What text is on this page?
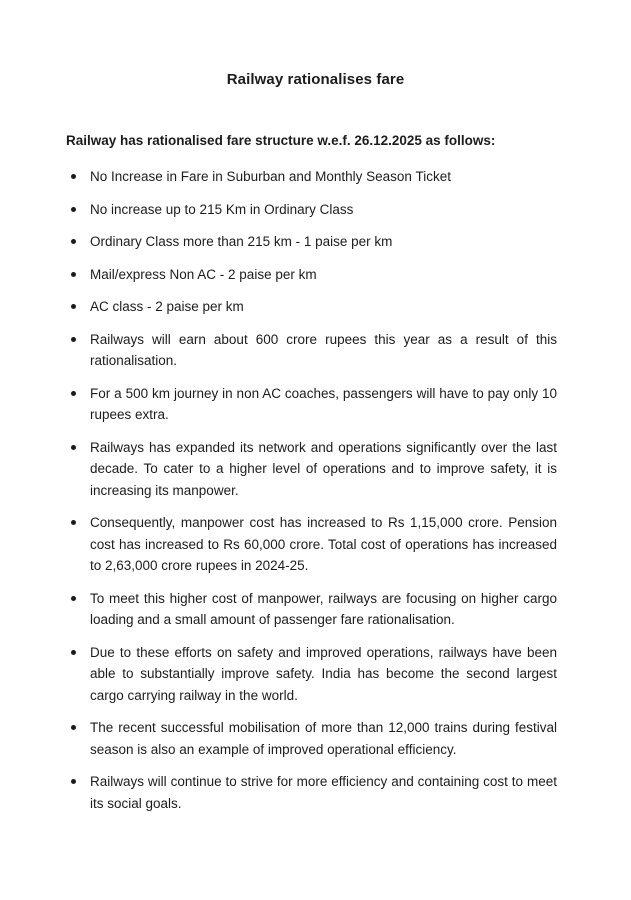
Railway rationalises fare

Railway has rationalised fare structure w.e.f. 26.12.2025 as follows:

No Increase in Fare in Suburban and Monthly Season Ticket
No increase up to 215 Km in Ordinary Class
Ordinary Class more than 215 km - 1 paise per km
Mail/express Non AC - 2 paise per km
AC class - 2 paise per km
Railways will earn about 600 crore rupees this year as a result of this rationalisation.
For a 500 km journey in non AC coaches, passengers will have to pay only 10 rupees extra.
Railways has expanded its network and operations significantly over the last decade. To cater to a higher level of operations and to improve safety, it is increasing its manpower.
Consequently, manpower cost has increased to Rs 1,15,000 crore. Pension cost has increased to Rs 60,000 crore. Total cost of operations has increased to 2,63,000 crore rupees in 2024-25.
To meet this higher cost of manpower, railways are focusing on higher cargo loading and a small amount of passenger fare rationalisation.
Due to these efforts on safety and improved operations, railways have been able to substantially improve safety. India has become the second largest cargo carrying railway in the world.
The recent successful mobilisation of more than 12,000 trains during festival season is also an example of improved operational efficiency.
Railways will continue to strive for more efficiency and containing cost to meet its social goals.
